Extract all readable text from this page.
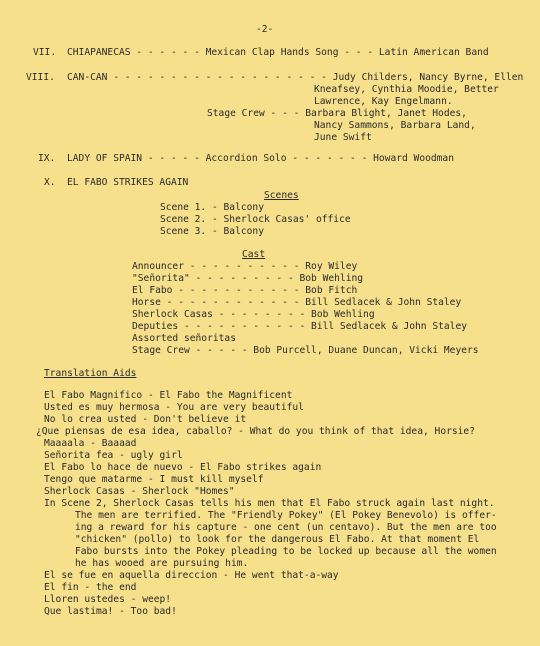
-2-
VII. CHIAPANECAS - - - - - - Mexican Clap Hands Song - - - Latin American Band
VIII. CAN-CAN - - - - - - - - - - - - - - - - - - - Judy Childers, Nancy Byrne, Ellen
Kneafsey, Cynthia Moodie, Better
Lawrence, Kay Engelmann.
Stage Crew - - - Barbara Blight, Janet Hodes,
Nancy Sammons, Barbara Land,
June Swift
IX. LADY OF SPAIN - - - - - Accordion Solo - - - - - - - Howard Woodman
X. EL FABO STRIKES AGAIN
Scenes
Scene 1. - Balcony
Scene 2. - Sherlock Casas' office
Scene 3. - Balcony
Cast
Announcer - - - - - - - - - - Roy Wiley
"Señorita" - - - - - - - - - Bob Wehling
El Fabo - - - - - - - - - - - Bob Fitch
Horse - - - - - - - - - - - - Bill Sedlacek & John Staley
Sherlock Casas - - - - - - - - Bob Wehling
Deputies - - - - - - - - - - - Bill Sedlacek & John Staley
Assorted señoritas
Stage Crew - - - - - Bob Purcell, Duane Duncan, Vicki Meyers
Translation Aids
El Fabo Magnifico - El Fabo the Magnificent
Usted es muy hermosa - You are very beautiful
No lo crea usted - Don't believe it
¿Que piensas de esa idea, caballo? - What do you think of that idea, Horsie?
Maaaala - Baaaad
Señorita fea - ugly girl
El Fabo lo hace de nuevo - El Fabo strikes again
Tengo que matarme - I must kill myself
Sherlock Casas - Sherlock "Homes"
In Scene 2, Sherlock Casas tells his men that El Fabo struck again last night.
The men are terrified. The "Friendly Pokey" (El Pokey Benevolo) is offer-
ing a reward for his capture - one cent (un centavo). But the men are too
"chicken" (pollo) to look for the dangerous El Fabo. At that moment El
Fabo bursts into the Pokey pleading to be locked up because all the women
he has wooed are pursuing him.
El se fue en aquella direccion - He went that-a-way
El fin - the end
Lloren ustedes - weep!
Que lastima! - Too bad!
